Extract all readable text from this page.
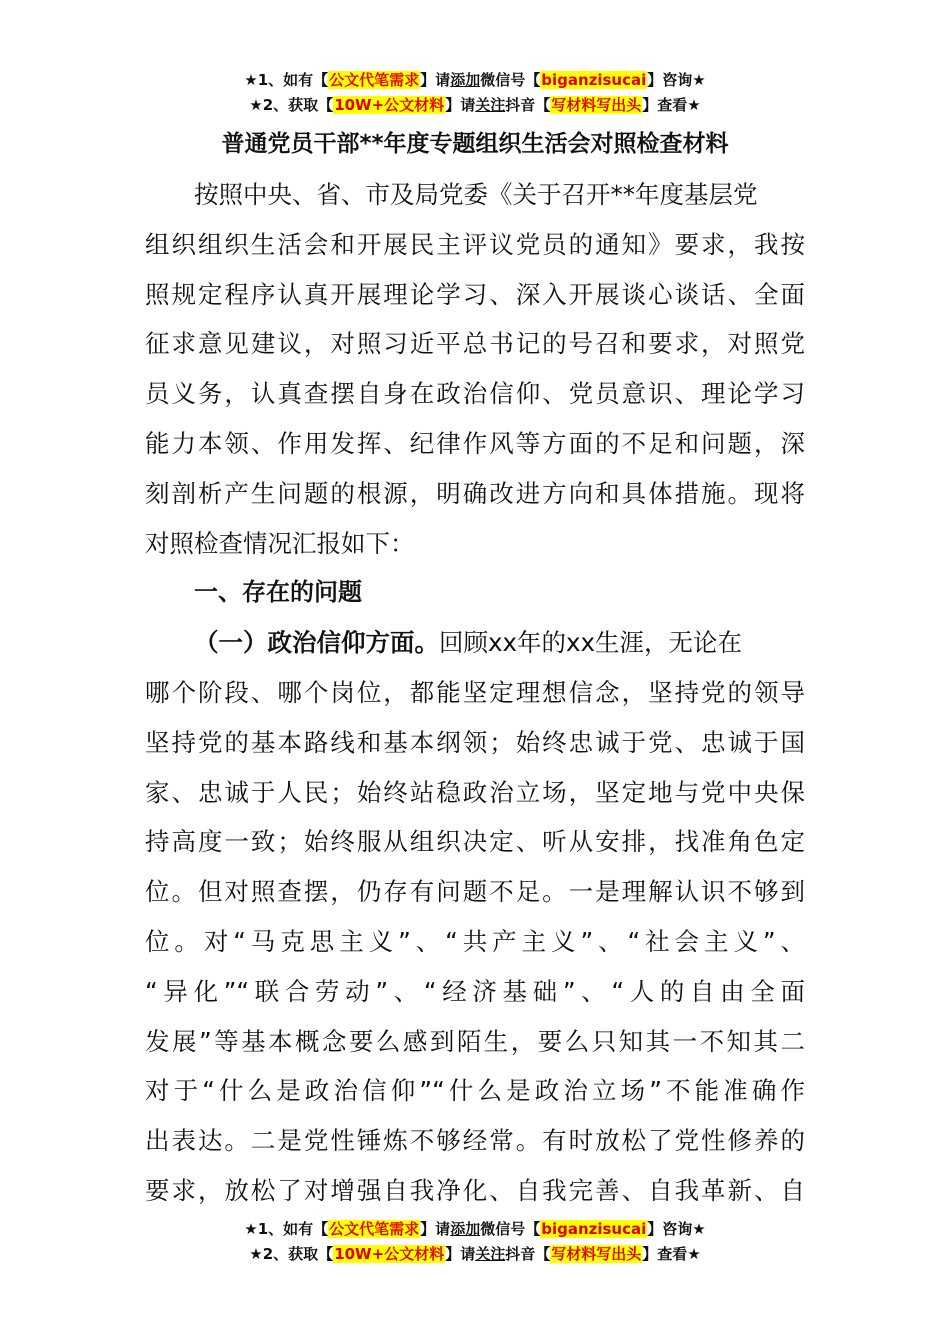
★1、如有【公文代笔需求】请添加微信号【biganzisucai】咨询★
★2、获取【10W+公文材料】请关注抖音【写材料写出头】查看★
普通党员干部**年度专题组织生活会对照检查材料
按照中央、省、市及局党委《关于召开**年度基层党
组织组织生活会和开展民主评议党员的通知》要求，我按
照规定程序认真开展理论学习、深入开展谈心谈话、全面
征求意见建议，对照习近平总书记的号召和要求，对照党
员义务，认真查摆自身在政治信仰、党员意识、理论学习
能力本领、作用发挥、纪律作风等方面的不足和问题，深
刻剖析产生问题的根源，明确改进方向和具体措施。现将
对照检查情况汇报如下：
一、存在的问题
（一）政治信仰方面。回顾xx年的xx生涯，无论在
哪个阶段、哪个岗位，都能坚定理想信念，坚持党的领导
坚持党的基本路线和基本纲领；始终忠诚于党、忠诚于国
家、忠诚于人民；始终站稳政治立场，坚定地与党中央保
持高度一致；始终服从组织决定、听从安排，找准角色定
位。但对照查摆，仍存有问题不足。一是理解认识不够到
位。对“马克思主义”、“共产主义”、“社会主义”、
“异化”“联合劳动”、“经济基础”、“人的自由全面
发展”等基本概念要么感到陌生，要么只知其一不知其二
对于“什么是政治信仰”“什么是政治立场”不能准确作
出表达。二是党性锤炼不够经常。有时放松了党性修养的
要求，放松了对增强自我净化、自我完善、自我革新、自
★1、如有【公文代笔需求】请添加微信号【biganzisucai】咨询★
★2、获取【10W+公文材料】请关注抖音【写材料写出头】查看★
